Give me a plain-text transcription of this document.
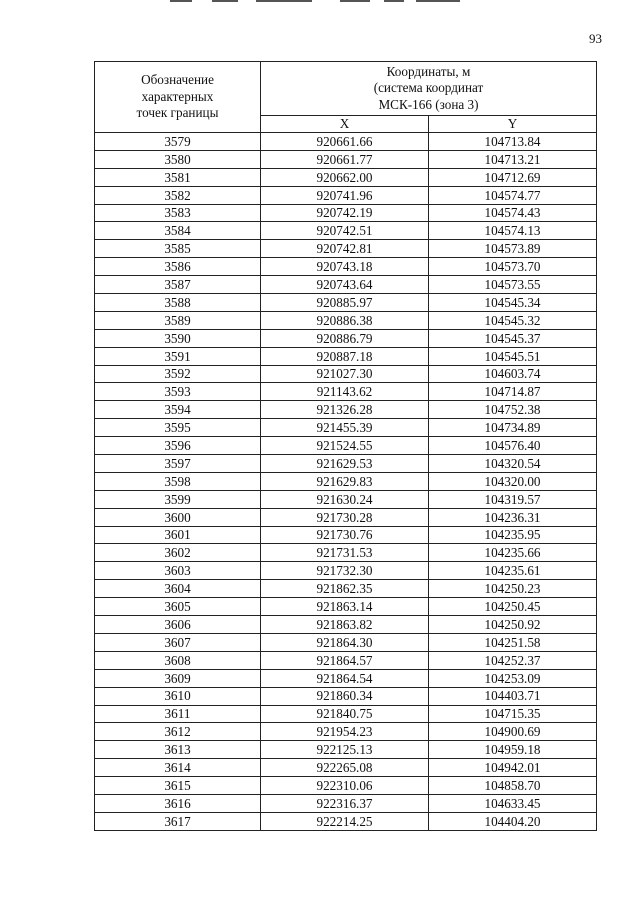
93
Обозначение
характерных
точек границы	Координаты, м
(система координат
МСК-166 (зона 3)	
	X	Y
3579	920661.66	104713.84
3580	920661.77	104713.21
3581	920662.00	104712.69
3582	920741.96	104574.77
3583	920742.19	104574.43
3584	920742.51	104574.13
3585	920742.81	104573.89
3586	920743.18	104573.70
3587	920743.64	104573.55
3588	920885.97	104545.34
3589	920886.38	104545.32
3590	920886.79	104545.37
3591	920887.18	104545.51
3592	921027.30	104603.74
3593	921143.62	104714.87
3594	921326.28	104752.38
3595	921455.39	104734.89
3596	921524.55	104576.40
3597	921629.53	104320.54
3598	921629.83	104320.00
3599	921630.24	104319.57
3600	921730.28	104236.31
3601	921730.76	104235.95
3602	921731.53	104235.66
3603	921732.30	104235.61
3604	921862.35	104250.23
3605	921863.14	104250.45
3606	921863.82	104250.92
3607	921864.30	104251.58
3608	921864.57	104252.37
3609	921864.54	104253.09
3610	921860.34	104403.71
3611	921840.75	104715.35
3612	921954.23	104900.69
3613	922125.13	104959.18
3614	922265.08	104942.01
3615	922310.06	104858.70
3616	922316.37	104633.45
3617	922214.25	104404.20
